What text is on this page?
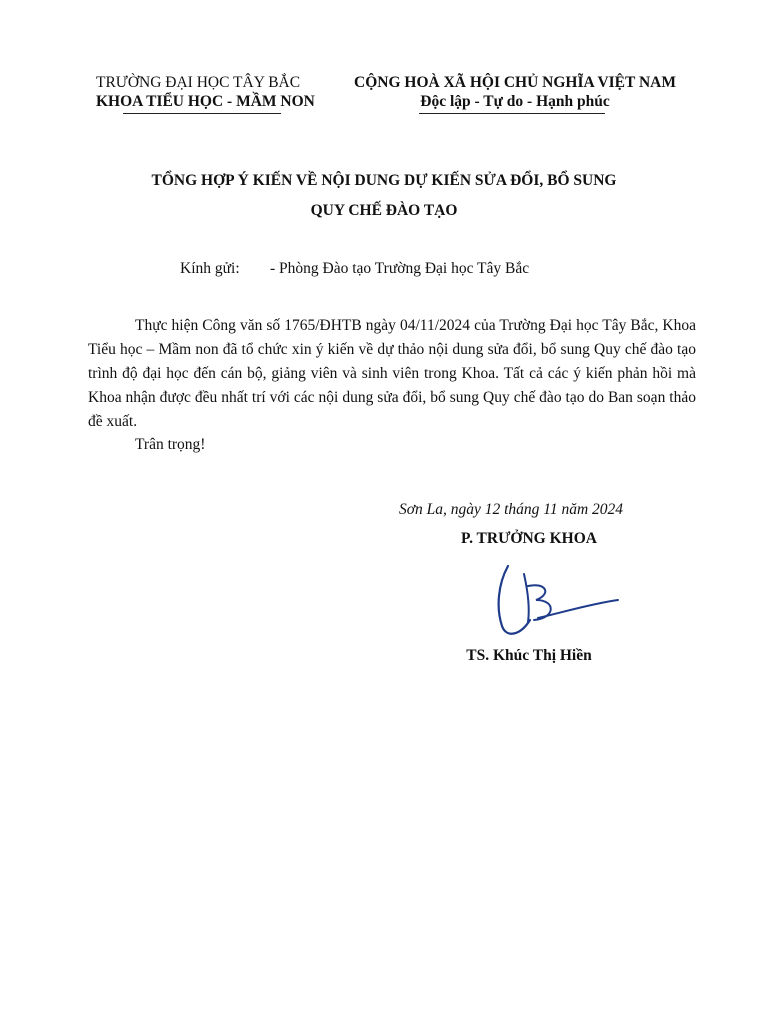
TRƯỜNG ĐẠI HỌC TÂY BẮC
KHOA TIỂU HỌC - MẦM NON
CỘNG HOÀ XÃ HỘI CHỦ NGHĨA VIỆT NAM
Độc lập - Tự do - Hạnh phúc
TỔNG HỢP Ý KIẾN VỀ NỘI DUNG DỰ KIẾN SỬA ĐỔI, BỔ SUNG
QUY CHẾ ĐÀO TẠO
Kính gửi: - Phòng Đào tạo Trường Đại học Tây Bắc

Thực hiện Công văn số 1765/ĐHTB ngày 04/11/2024 của Trường Đại học Tây Bắc, Khoa Tiểu học – Mầm non đã tổ chức xin ý kiến về dự thảo nội dung sửa đổi, bổ sung Quy chế đào tạo trình độ đại học đến cán bộ, giảng viên và sinh viên trong Khoa. Tất cả các ý kiến phản hồi mà Khoa nhận được đều nhất trí với các nội dung sửa đổi, bổ sung Quy chế đào tạo do Ban soạn thảo đề xuất.

Trân trọng!
Sơn La, ngày 12 tháng 11 năm 2024
P. TRƯỞNG KHOA
TS. Khúc Thị Hiền
